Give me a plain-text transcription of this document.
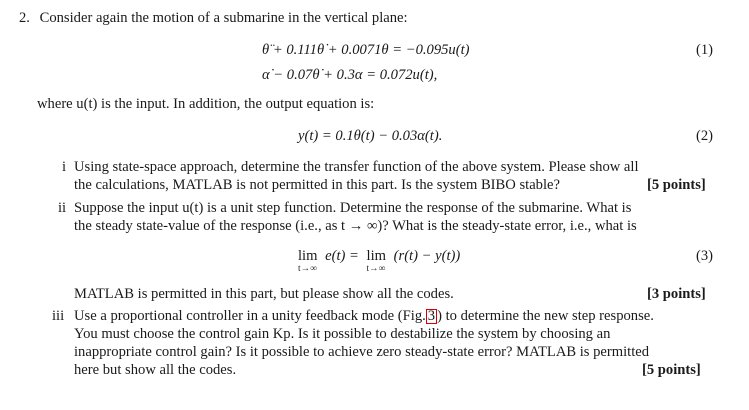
2. Consider again the motion of a submarine in the vertical plane:
θ̈ + 0.111θ̇ + 0.0071θ = −0.095u(t)	(1)
α̇ − 0.07θ̇ + 0.3α = 0.072u(t),
where u(t) is the input. In addition, the output equation is:
y(t) = 0.1θ(t) − 0.03α(t).	(2)
i Using state-space approach, determine the transfer function of the above system. Please show all
the calculations, MATLAB is not permitted in this part. Is the system BIBO stable?	[5 points]
ii Suppose the input u(t) is a unit step function. Determine the response of the submarine. What is
the steady state-value of the response (i.e., as t → ∞)? What is the steady-state error, i.e., what is
lim
t→∞
e(t) = lim
t→∞
(r(t) − y(t))	(3)
MATLAB is permitted in this part, but please show all the codes.	[3 points]
iii Use a proportional controller in a unity feedback mode (Fig. 3 ) to determine the new step response.
You must choose the control gain Kp. Is it possible to destabilize the system by choosing an
inappropriate control gain? Is it possible to achieve zero steady-state error? MATLAB is permitted
here but show all the codes.	[5 points]
